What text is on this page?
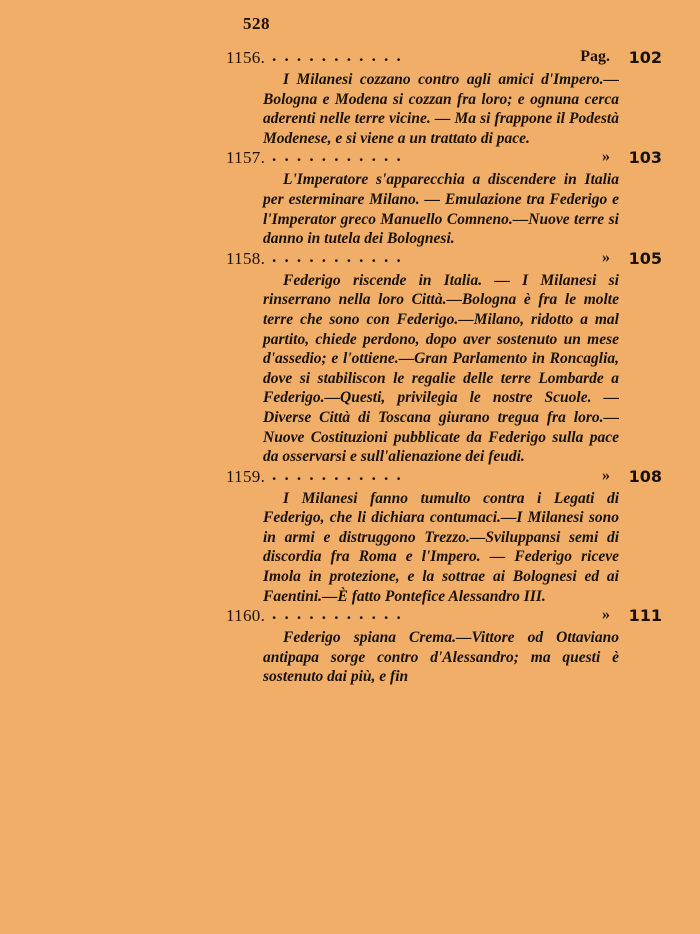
528
1156. ...........	Pag. 102
I Milanesi cozzano contro agli amici d'Impero.—Bologna e Modena si cozzan fra loro; e ognuna cerca aderenti nelle terre vicine. — Ma si frappone il Podestà Modenese, e si viene a un trattato di pace.
1157. ...........	» 103
L'Imperatore s'apparecchia a discendere in Italia per esterminare Milano. — Emulazione tra Federigo e l'Imperator greco Manuello Comneno.—Nuove terre si danno in tutela dei Bolognesi.
1158. ...........	» 105
Federigo riscende in Italia. — I Milanesi si rinserrano nella loro Città.—Bologna è fra le molte terre che sono con Federigo.—Milano, ridotto a mal partito, chiede perdono, dopo aver sostenuto un mese d'assedio; e l'ottiene.—Gran Parlamento in Roncaglia, dove si stabiliscon le regalie delle terre Lombarde a Federigo.—Questi, privilegia le nostre Scuole. — Diverse Città di Toscana giurano tregua fra loro.—Nuove Costituzioni pubblicate da Federigo sulla pace da osservarsi e sull'alienazione dei feudi.
1159. ...........	» 108
I Milanesi fanno tumulto contra i Legati di Federigo, che li dichiara contumaci.—I Milanesi sono in armi e distruggono Trezzo.—Sviluppansi semi di discordia fra Roma e l'Impero. — Federigo riceve Imola in protezione, e la sottrae ai Bolognesi ed ai Faentini.—È fatto Pontefice Alessandro III.
1160. ...........	» 111
Federigo spiana Crema.—Vittore od Ottaviano antipapa sorge contro d'Alessandro; ma questi è sostenuto dai più, e fin
